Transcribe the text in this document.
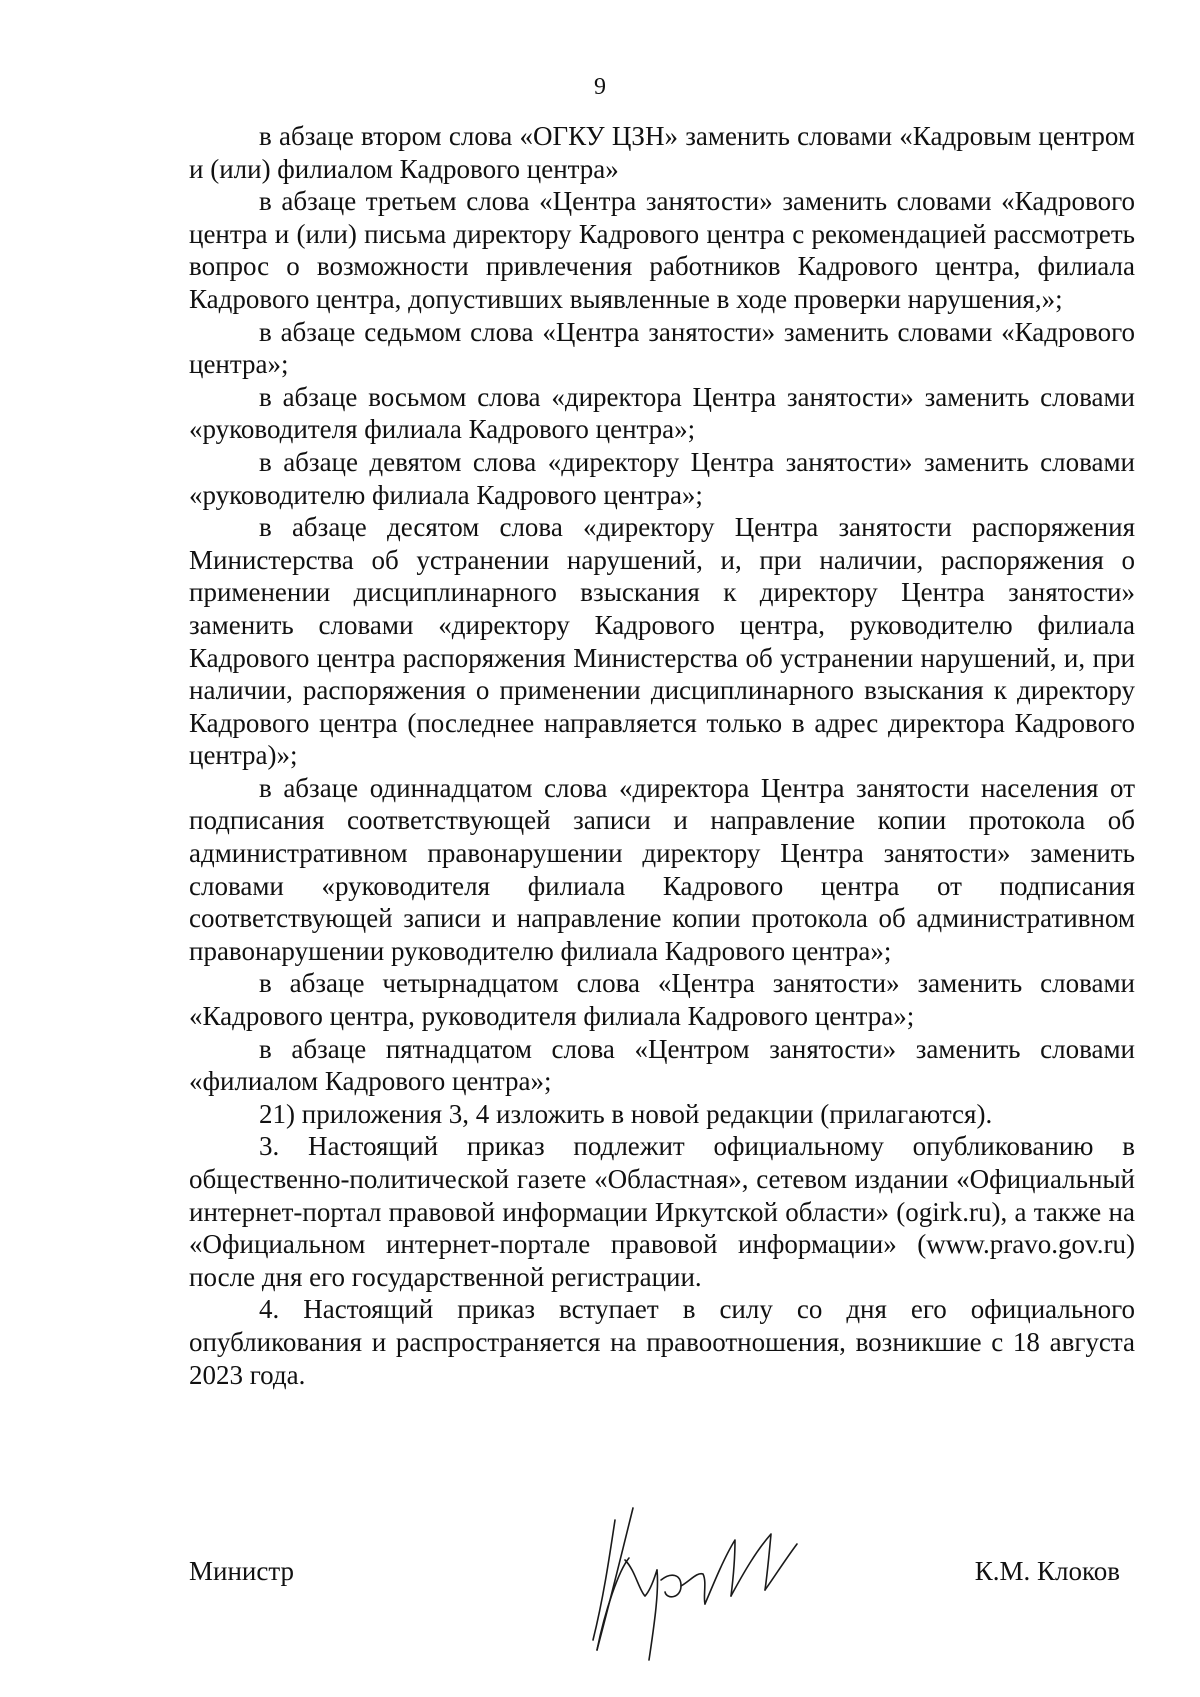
9

в абзаце втором слова «ОГКУ ЦЗН» заменить словами «Кадровым центром и (или) филиалом Кадрового центра»

в абзаце третьем слова «Центра занятости» заменить словами «Кадрового центра и (или) письма директору Кадрового центра с рекомендацией рассмотреть вопрос о возможности привлечения работников Кадрового центра, филиала Кадрового центра, допустивших выявленные в ходе проверки нарушения,»;

в абзаце седьмом слова «Центра занятости» заменить словами «Кадрового центра»;

в абзаце восьмом слова «директора Центра занятости» заменить словами «руководителя филиала Кадрового центра»;

в абзаце девятом слова «директору Центра занятости» заменить словами «руководителю филиала Кадрового центра»;

в абзаце десятом слова «директору Центра занятости распоряжения Министерства об устранении нарушений, и, при наличии, распоряжения о применении дисциплинарного взыскания к директору Центра занятости» заменить словами «директору Кадрового центра, руководителю филиала Кадрового центра распоряжения Министерства об устранении нарушений, и, при наличии, распоряжения о применении дисциплинарного взыскания к директору Кадрового центра (последнее направляется только в адрес директора Кадрового центра)»;

в абзаце одиннадцатом слова «директора Центра занятости населения от подписания соответствующей записи и направление копии протокола об административном правонарушении директору Центра занятости» заменить словами «руководителя филиала Кадрового центра от подписания соответствующей записи и направление копии протокола об административном правонарушении руководителю филиала Кадрового центра»;

в абзаце четырнадцатом слова «Центра занятости» заменить словами «Кадрового центра, руководителя филиала Кадрового центра»;

в абзаце пятнадцатом слова «Центром занятости» заменить словами «филиалом Кадрового центра»;

21) приложения 3, 4 изложить в новой редакции (прилагаются).

3. Настоящий приказ подлежит официальному опубликованию в общественно-политической газете «Областная», сетевом издании «Официальный интернет-портал правовой информации Иркутской области» (ogirk.ru), а также на «Официальном интернет-портале правовой информации» (www.pravo.gov.ru) после дня его государственной регистрации.

4. Настоящий приказ вступает в силу со дня его официального опубликования и распространяется на правоотношения, возникшие с 18 августа 2023 года.

Министр	К.М. Клоков
